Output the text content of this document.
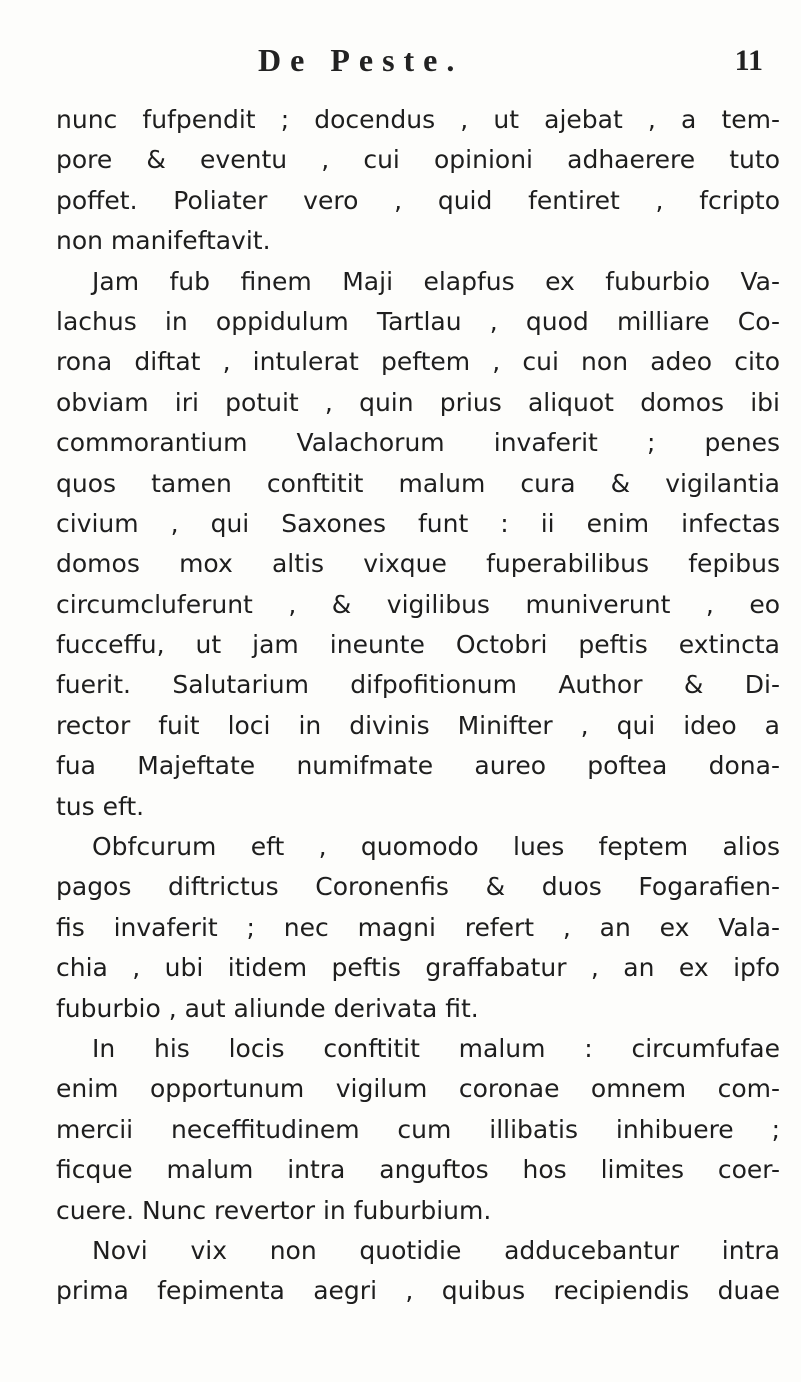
De Peste.	11
nunc fufpendit ; docendus , ut ajebat , a tem-
pore & eventu , cui opinioni adhaerere tuto
poffet. Poliater vero , quid fentiret , fcripto
non manifeftavit.
Jam fub finem Maji elapfus ex fuburbio Va-
lachus in oppidulum Tartlau , quod milliare Co-
rona diftat , intulerat peftem , cui non adeo cito
obviam iri potuit , quin prius aliquot domos ibi
commorantium Valachorum invaferit ; penes
quos tamen conftitit malum cura & vigilantia
civium , qui Saxones funt : ii enim infectas
domos mox altis vixque fuperabilibus fepibus
circumcluferunt , & vigilibus muniverunt , eo
fucceffu, ut jam ineunte Octobri peftis extincta
fuerit. Salutarium difpofitionum Author & Di-
rector fuit loci in divinis Minifter , qui ideo a
fua Majeftate numifmate aureo poftea dona-
tus eft.
Obfcurum eft , quomodo lues feptem alios
pagos diftrictus Coronenfis & duos Fogarafien-
fis invaferit ; nec magni refert , an ex Vala-
chia , ubi itidem peftis graffabatur , an ex ipfo
fuburbio , aut aliunde derivata fit.
In his locis conftitit malum : circumfufae
enim opportunum vigilum coronae omnem com-
mercii neceffitudinem cum illibatis inhibuere ;
ficque malum intra anguftos hos limites coer-
cuere. Nunc revertor in fuburbium.
Novi vix non quotidie adducebantur intra
prima fepimenta aegri , quibus recipiendis duae
